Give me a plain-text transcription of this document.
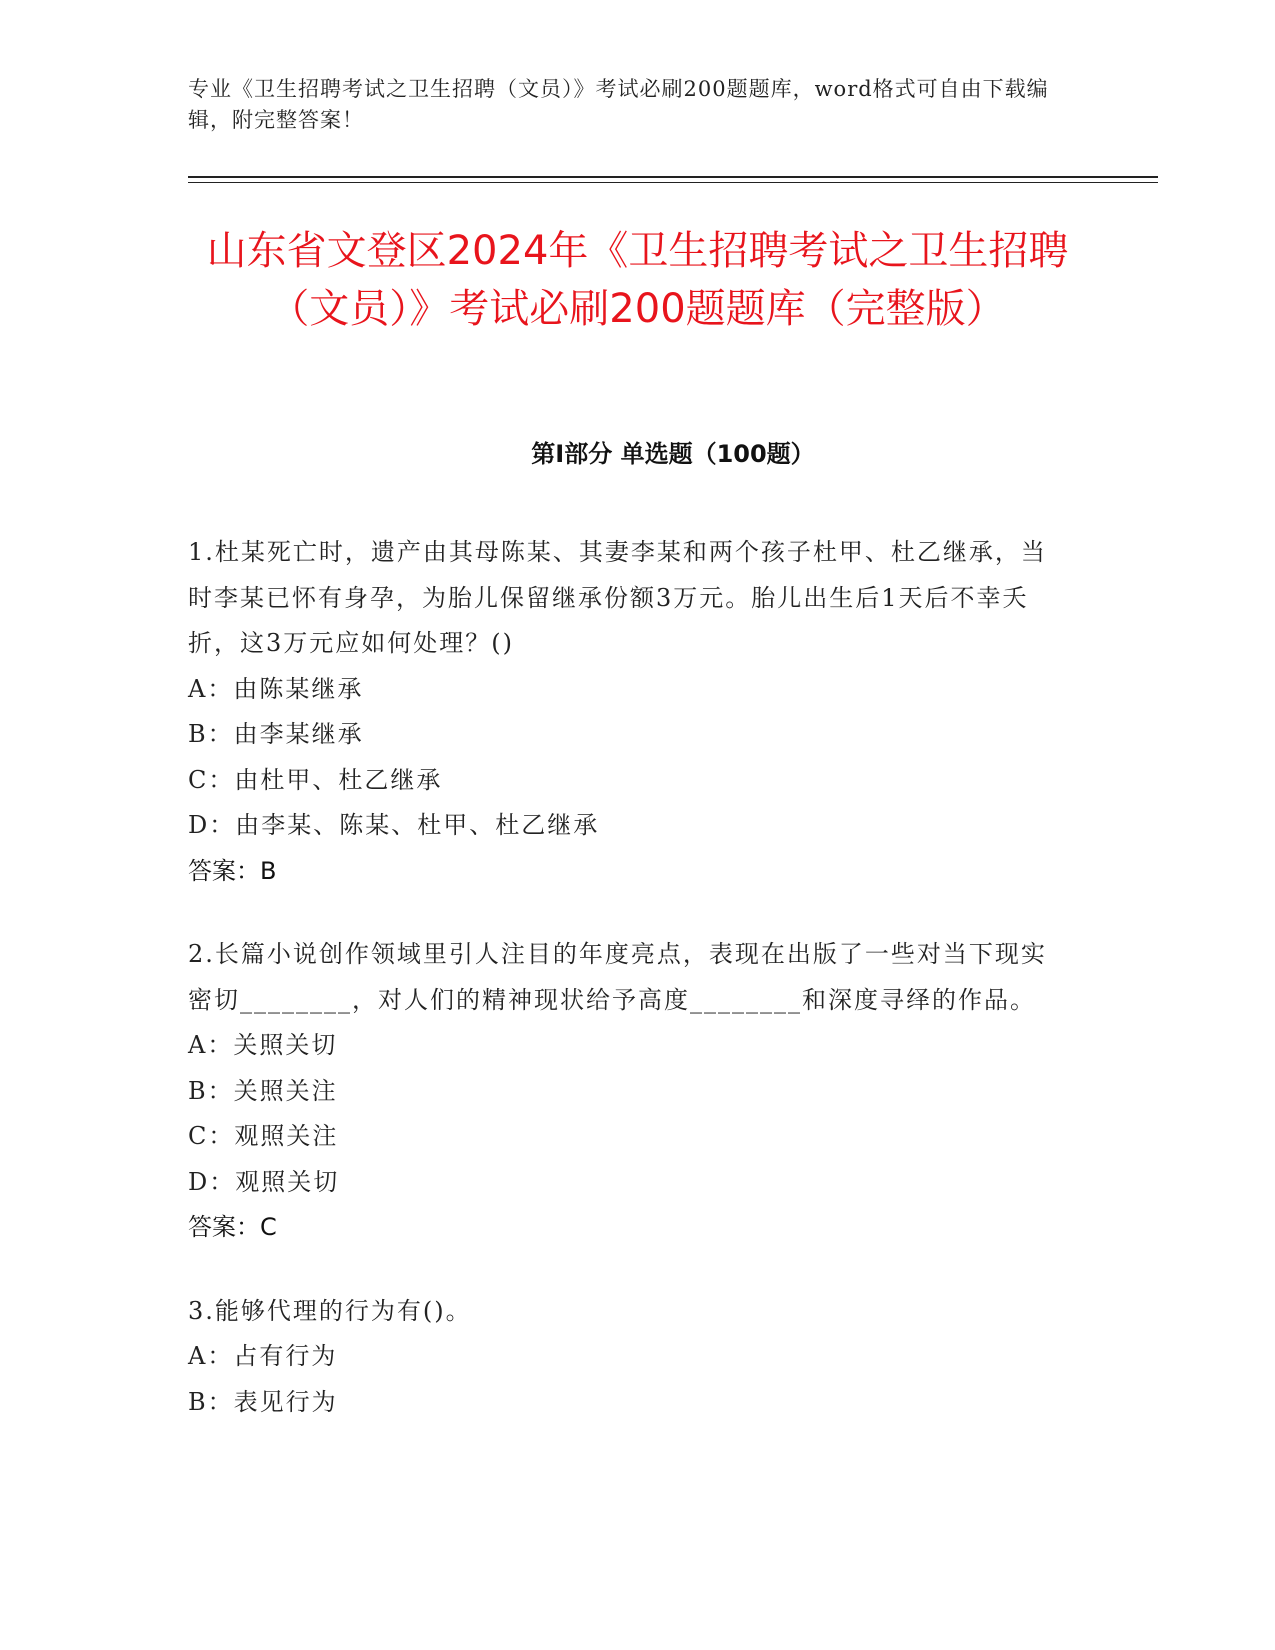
专业《卫生招聘考试之卫生招聘（文员）》考试必刷200题题库，word格式可自由下载编辑，附完整答案！
山东省文登区2024年《卫生招聘考试之卫生招聘（文员）》考试必刷200题题库（完整版）
第I部分 单选题（100题）

1.杜某死亡时，遗产由其母陈某、其妻李某和两个孩子杜甲、杜乙继承，当时李某已怀有身孕，为胎儿保留继承份额3万元。胎儿出生后1天后不幸夭折，这3万元应如何处理？()

A：由陈某继承

B：由李某继承

C：由杜甲、杜乙继承

D：由李某、陈某、杜甲、杜乙继承

答案：B

2.长篇小说创作领域里引人注目的年度亮点，表现在出版了一些对当下现实密切________，对人们的精神现状给予高度________和深度寻绎的作品。

A：关照关切

B：关照关注

C：观照关注

D：观照关切

答案：C

3.能够代理的行为有()。

A：占有行为

B：表见行为
